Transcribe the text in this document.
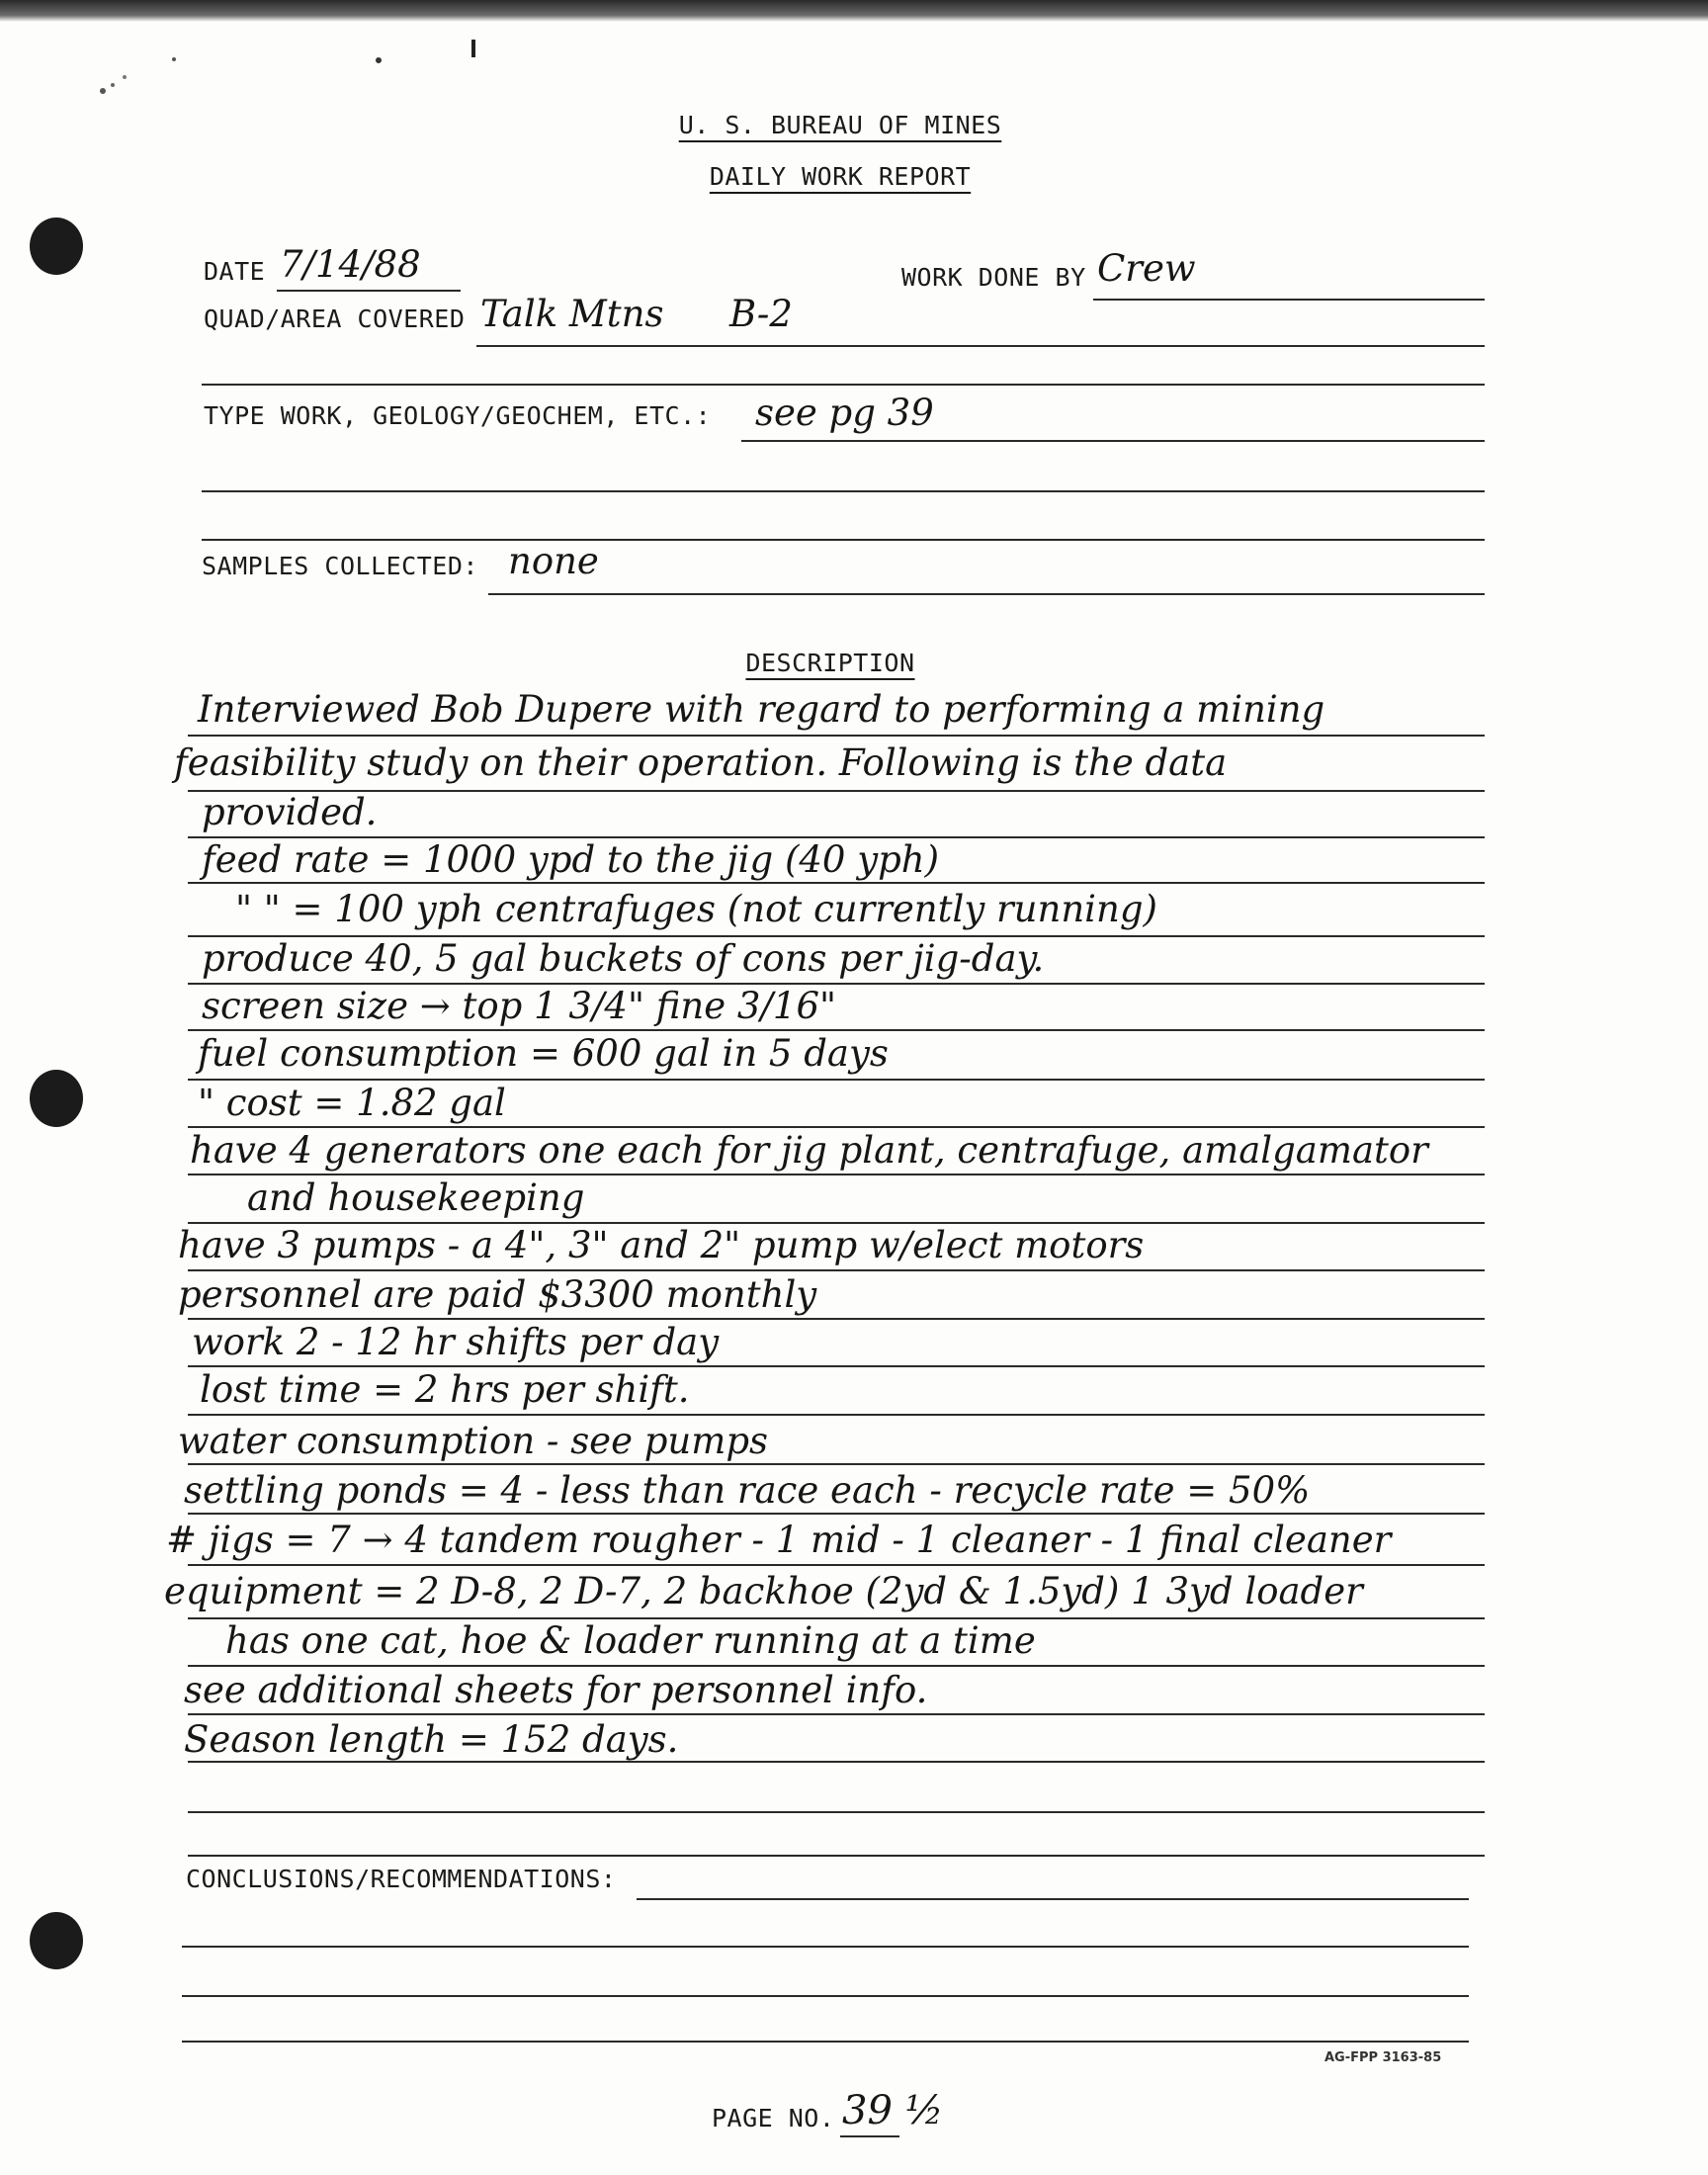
U. S. BUREAU OF MINES
DAILY WORK REPORT
DATE 7/14/88	WORK DONE BY Crew
QUAD/AREA COVERED Talk Mtns B-2
TYPE WORK, GEOLOGY/GEOCHEM, ETC.: see pg 39
SAMPLES COLLECTED: none
DESCRIPTION
Interviewed Bob Dupere with regard to performing a mining
feasibility study on their operation. Following is the data
provided.
feed rate = 1000 ypd to the jig (40 yph)
" " = 100 yph centrafuges (not currently running)
produce 40, 5 gal buckets of cons per jig-day.
screen size → top 1 3/4" fine 3/16"
fuel consumption = 600 gal in 5 days
" cost = 1.82 gal
have 4 generators one each for jig plant, centrafuge, amalgamator
and housekeeping
have 3 pumps - a 4", 3" and 2" pump w/elect motors
personnel are paid $3300 monthly
work 2 - 12 hr shifts per day
lost time = 2 hrs per shift.
water consumption - see pumps
settling ponds = 4 - less than race each - recycle rate = 50%
# jigs = 7 → 4 tandem rougher - 1 mid - 1 cleaner - 1 final cleaner
equipment = 2 D-8, 2 D-7, 2 backhoe (2yd & 1.5yd) 1 3yd loader
has one cat, hoe & loader running at a time
see additional sheets for personnel info.
Season length = 152 days.
CONCLUSIONS/RECOMMENDATIONS:
AG-FPP 3163-85
PAGE NO. 39 ½
